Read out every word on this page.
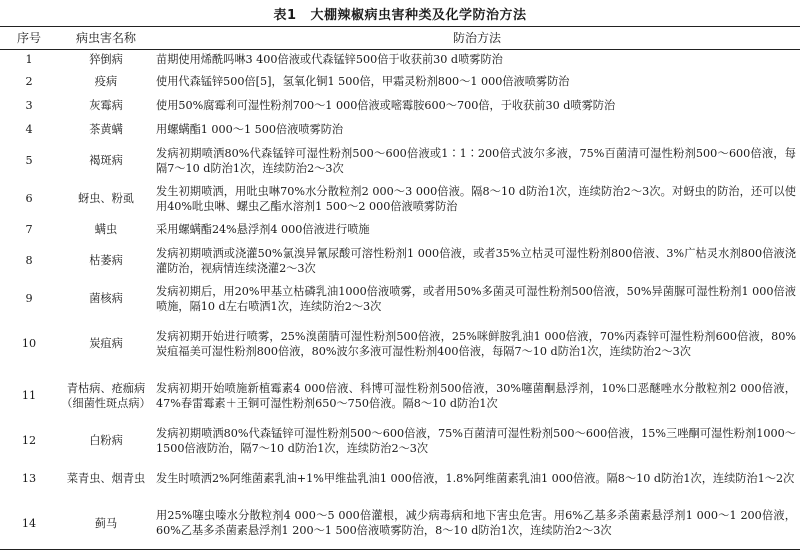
表1 大棚辣椒病虫害种类及化学防治方法
序号	病虫害名称	防治方法
1	猝倒病	苗期使用烯酰吗啉3 400倍液或代森锰锌500倍于收获前30 d喷雾防治
2	疫病	使用代森锰锌500倍[5]，氢氧化铜1 500倍，甲霜灵粉剂800～1 000倍液喷雾防治
3	灰霉病	使用50%腐霉利可湿性粉剂700～1 000倍液或嘧霉胺600～700倍，于收获前30 d喷雾防治
4	茶黄螨	用螺螨酯1 000～1 500倍液喷雾防治
5	褐斑病	发病初期喷洒80%代森锰锌可湿性粉剂500～600倍液或1∶1∶200倍式波尔多液，75%百菌清可湿性粉剂500～600倍液，每隔7～10 d防治1次，连续防治2～3次
6	蚜虫、粉虱	发生初期喷洒，用吡虫啉70%水分散粒剂2 000～3 000倍液。隔8～10 d防治1次，连续防治2～3次。对蚜虫的防治，还可以使用40%吡虫啉、螺虫乙酯水溶剂1 500～2 000倍液喷雾防治
7	螨虫	采用螺螨酯24%悬浮剂4 000倍液进行喷施
8	枯萎病	发病初期喷洒或浇灌50%氯溴异氰尿酸可溶性粉剂1 000倍液，或者35%立枯灵可湿性粉剂800倍液、3%广枯灵水剂800倍液浇灌防治，视病情连续浇灌2～3次
9	菌核病	发病初期后，用20%甲基立枯磷乳油1000倍液喷雾，或者用50%多菌灵可湿性粉剂500倍液，50%异菌脲可湿性粉剂1 000倍液喷施，隔10 d左右喷洒1次，连续防治2～3次
10	炭疽病	发病初期开始进行喷雾，25%溴菌腈可湿性粉剂500倍液，25%咪鲜胺乳油1 000倍液，70%丙森锌可湿性粉剂600倍液，80%炭疽福美可湿性粉剂800倍液，80%波尔多液可湿性粉剂400倍液，每隔7～10 d防治1次，连续防治2～3次
11	青枯病、疮痂病（细菌性斑点病）	发病初期开始喷施新植霉素4 000倍液、科博可湿性粉剂500倍液，30%噻菌酮悬浮剂，10%口恶醚唑水分散粒剂2 000倍液，47%春雷霉素＋王铜可湿性粉剂650～750倍液。隔8～10 d防治1次
12	白粉病	发病初期喷洒80%代森锰锌可湿性粉剂500～600倍液，75%百菌清可湿性粉剂500～600倍液，15%三唑酮可湿性粉剂1000～1500倍液防治，隔7～10 d防治1次，连续防治2～3次
13	菜青虫、烟青虫	发生时喷洒2%阿维菌素乳油+1%甲维盐乳油1 000倍液，1.8%阿维菌素乳油1 000倍液。隔8～10 d防治1次，连续防治1～2次
14	蓟马	用25%噻虫嗪水分散粒剂4 000～5 000倍灌根，减少病毒病和地下害虫危害。用6%乙基多杀菌素悬浮剂1 000～1 200倍液，60%乙基多杀菌素悬浮剂1 200～1 500倍液喷雾防治，8～10 d防治1次，连续防治2～3次
